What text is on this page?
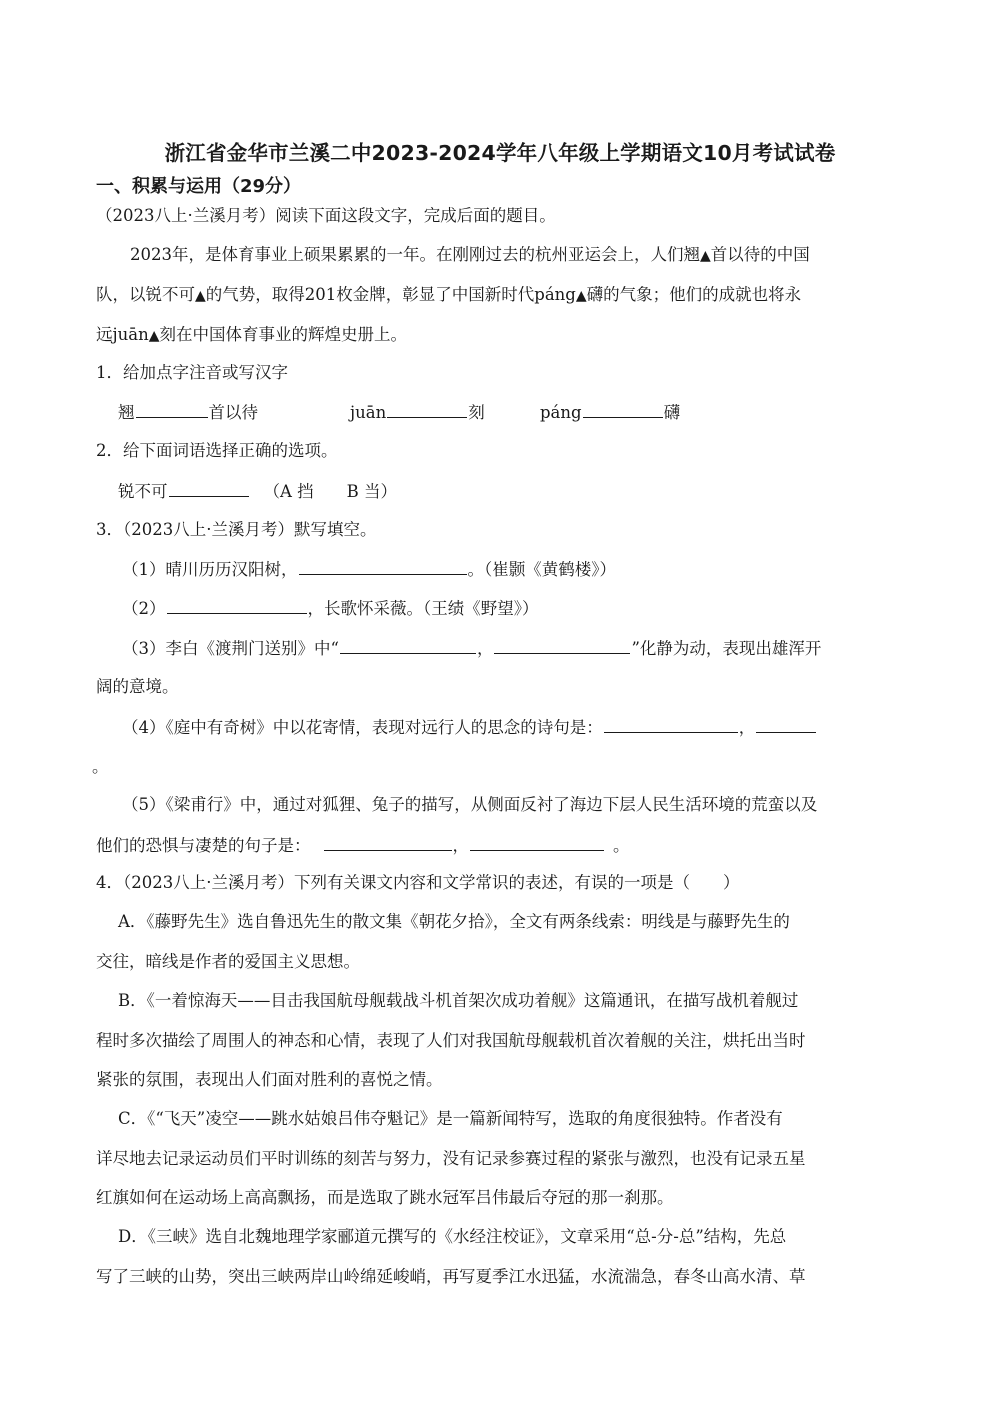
浙江省金华市兰溪二中2023-2024学年八年级上学期语文10月考试试卷
一、积累与运用（29分）
（2023八上·兰溪月考）阅读下面这段文字，完成后面的题目。
2023年，是体育事业上硕果累累的一年。在刚刚过去的杭州亚运会上，人们翘▲首以待的中国
队，以锐不可▲的气势，取得201枚金牌，彰显了中国新时代páng▲礴的气象；他们的成就也将永
远juān▲刻在中国体育事业的辉煌史册上。
1．给加点字注音或写汉字
翘	首以待	juān	刻	páng	礴
2．给下面词语选择正确的选项。
锐不可	（A 挡　　B 当）
3．（2023八上·兰溪月考）默写填空。
（1）晴川历历汉阳树，	。（崔颢《黄鹤楼》）
（2）	，长歌怀采薇。（王绩《野望》）
（3）李白《渡荆门送别》中“	，	”化静为动，表现出雄浑开
阔的意境。
（4）《庭中有奇树》中以花寄情，表现对远行人的思念的诗句是：	，
。
（5）《梁甫行》中，通过对狐狸、兔子的描写，从侧面反衬了海边下层人民生活环境的荒蛮以及
他们的恐惧与凄楚的句子是：	，	。
4．（2023八上·兰溪月考）下列有关课文内容和文学常识的表述，有误的一项是（　　）
A．《藤野先生》选自鲁迅先生的散文集《朝花夕拾》，全文有两条线索：明线是与藤野先生的
交往，暗线是作者的爱国主义思想。
B．《一着惊海天——目击我国航母舰载战斗机首架次成功着舰》这篇通讯，在描写战机着舰过
程时多次描绘了周围人的神态和心情，表现了人们对我国航母舰载机首次着舰的关注，烘托出当时
紧张的氛围，表现出人们面对胜利的喜悦之情。
C．《“飞天”凌空——跳水姑娘吕伟夺魁记》是一篇新闻特写，选取的角度很独特。作者没有
详尽地去记录运动员们平时训练的刻苦与努力，没有记录参赛过程的紧张与激烈，也没有记录五星
红旗如何在运动场上高高飘扬，而是选取了跳水冠军吕伟最后夺冠的那一刹那。
D．《三峡》选自北魏地理学家郦道元撰写的《水经注校证》，文章采用“总-分-总”结构，先总
写了三峡的山势，突出三峡两岸山岭绵延峻峭，再写夏季江水迅猛，水流湍急，春冬山高水清、草
